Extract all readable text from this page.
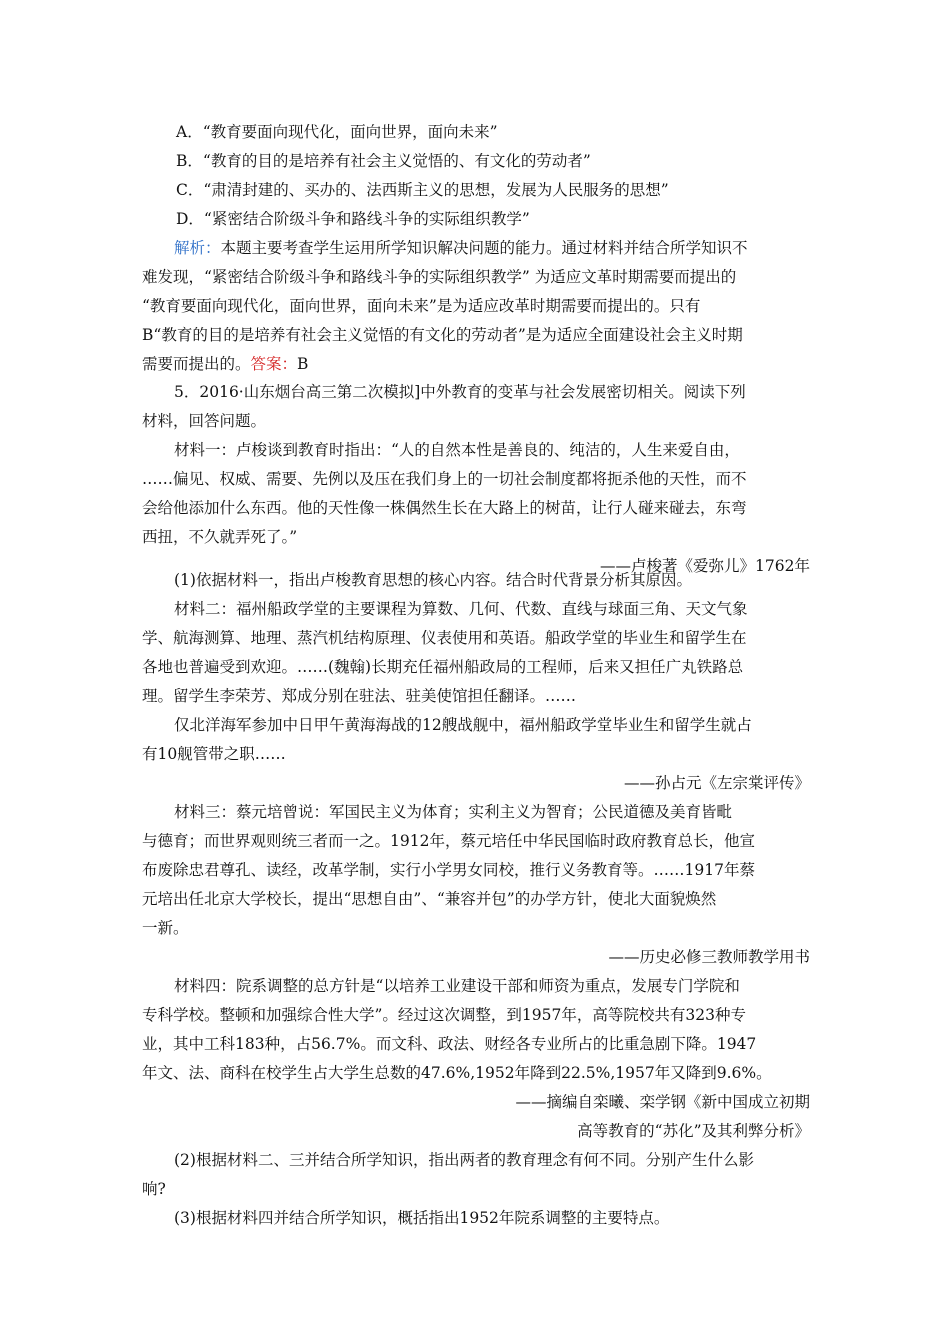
A．“教育要面向现代化，面向世界，面向未来”
B．“教育的目的是培养有社会主义觉悟的、有文化的劳动者”
C．“肃清封建的、买办的、法西斯主义的思想，发展为人民服务的思想”
D．“紧密结合阶级斗争和路线斗争的实际组织教学”
解析：本题主要考查学生运用所学知识解决问题的能力。通过材料并结合所学知识不
难发现，“紧密结合阶级斗争和路线斗争的实际组织教学” 为适应文革时期需要而提出的
“教育要面向现代化，面向世界，面向未来”是为适应改革时期需要而提出的。只有
B“教育的目的是培养有社会主义觉悟的有文化的劳动者”是为适应全面建设社会主义时期
需要而提出的。答案：B
5．2016·山东烟台高三第二次模拟]中外教育的变革与社会发展密切相关。阅读下列
材料，回答问题。
材料一：卢梭谈到教育时指出：“人的自然本性是善良的、纯洁的，人生来爱自由，
……偏见、权威、需要、先例以及压在我们身上的一切社会制度都将扼杀他的天性，而不
会给他添加什么东西。他的天性像一株偶然生长在大路上的树苗，让行人碰来碰去，东弯
西扭，不久就弄死了。”
——卢梭著《爱弥儿》1762年
(1)依据材料一，指出卢梭教育思想的核心内容。结合时代背景分析其原因。
材料二：福州船政学堂的主要课程为算数、几何、代数、直线与球面三角、天文气象
学、航海测算、地理、蒸汽机结构原理、仪表使用和英语。船政学堂的毕业生和留学生在
各地也普遍受到欢迎。……(魏翰)长期充任福州船政局的工程师，后来又担任广丸铁路总
理。留学生李荣芳、郑成分别在驻法、驻美使馆担任翻译。……
仅北洋海军参加中日甲午黄海海战的12艘战舰中，福州船政学堂毕业生和留学生就占
有10舰管带之职……
——孙占元《左宗棠评传》
材料三：蔡元培曾说：军国民主义为体育；实利主义为智育；公民道德及美育皆毗
与德育；而世界观则统三者而一之。1912年，蔡元培任中华民国临时政府教育总长，他宣
布废除忠君尊孔、读经，改革学制，实行小学男女同校，推行义务教育等。……1917年蔡
元培出任北京大学校长，提出“思想自由”、“兼容并包”的办学方针，使北大面貌焕然
一新。
——历史必修三教师教学用书
材料四：院系调整的总方针是“以培养工业建设干部和师资为重点，发展专门学院和
专科学校。整顿和加强综合性大学”。经过这次调整，到1957年，高等院校共有323种专
业，其中工科183种，占56.7%。而文科、政法、财经各专业所占的比重急剧下降。1947
年文、法、商科在校学生占大学生总数的47.6%,1952年降到22.5%,1957年又降到9.6%。
——摘编自栾曦、栾学钢《新中国成立初期
高等教育的“苏化”及其利弊分析》
(2)根据材料二、三并结合所学知识，指出两者的教育理念有何不同。分别产生什么影
响?
(3)根据材料四并结合所学知识，概括指出1952年院系调整的主要特点。
